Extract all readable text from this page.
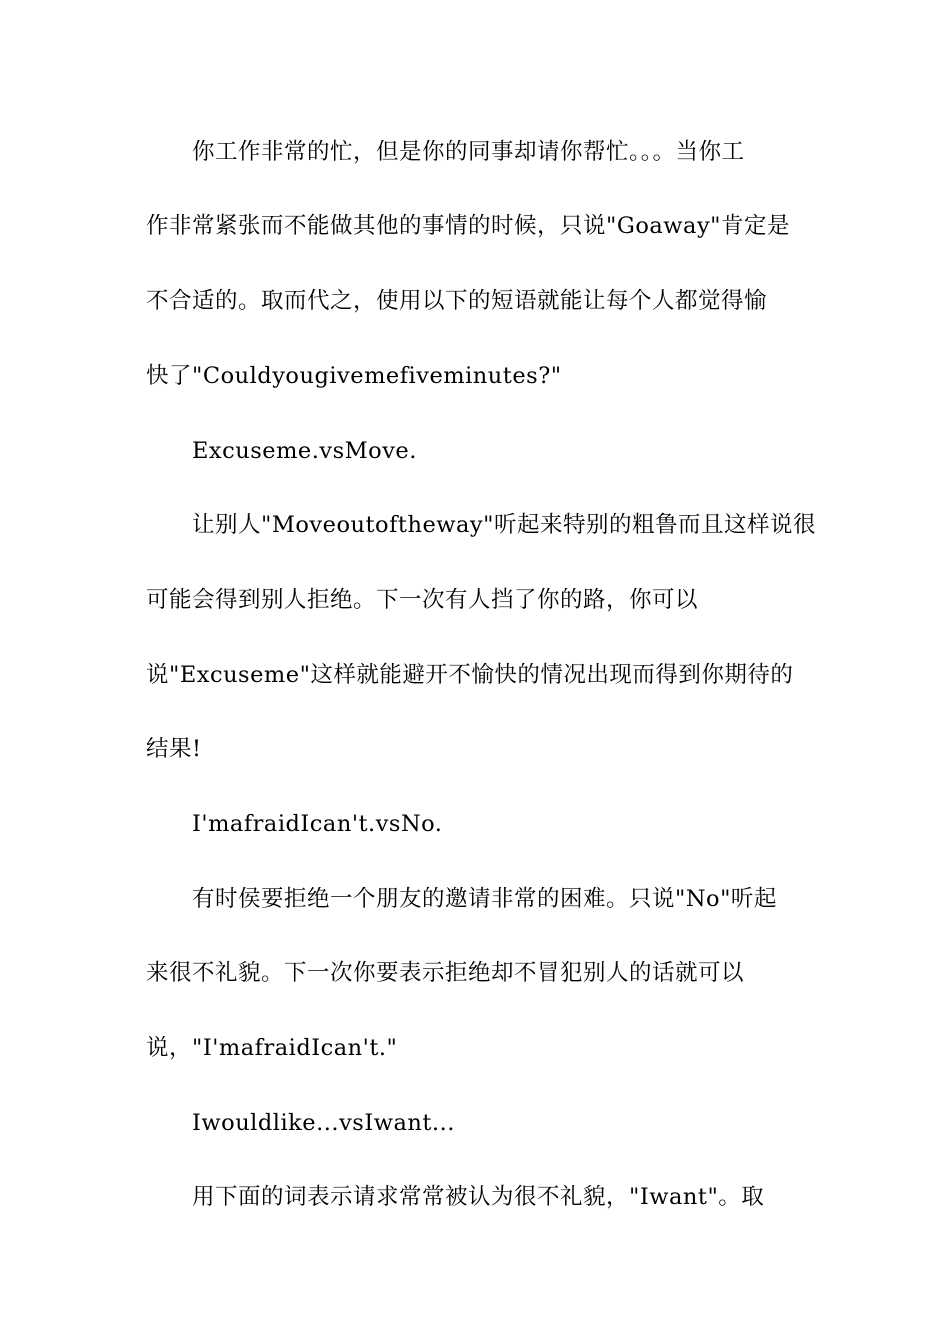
你工作非常的忙，但是你的同事却请你帮忙。。。当你工
作非常紧张而不能做其他的事情的时候，只说"Goaway"肯定是
不合适的。取而代之，使用以下的短语就能让每个人都觉得愉
快了"Couldyougivemefiveminutes?"
Excuseme.vsMove.
让别人"Moveoutoftheway"听起来特别的粗鲁而且这样说很
可能会得到别人拒绝。下一次有人挡了你的路，你可以
说"Excuseme"这样就能避开不愉快的情况出现而得到你期待的
结果!
I'mafraidIcan't.vsNo.
有时侯要拒绝一个朋友的邀请非常的困难。只说"No"听起
来很不礼貌。下一次你要表示拒绝却不冒犯别人的话就可以
说，"I'mafraidIcan't."
Iwouldlike...vsIwant...
用下面的词表示请求常常被认为很不礼貌，"Iwant"。取
